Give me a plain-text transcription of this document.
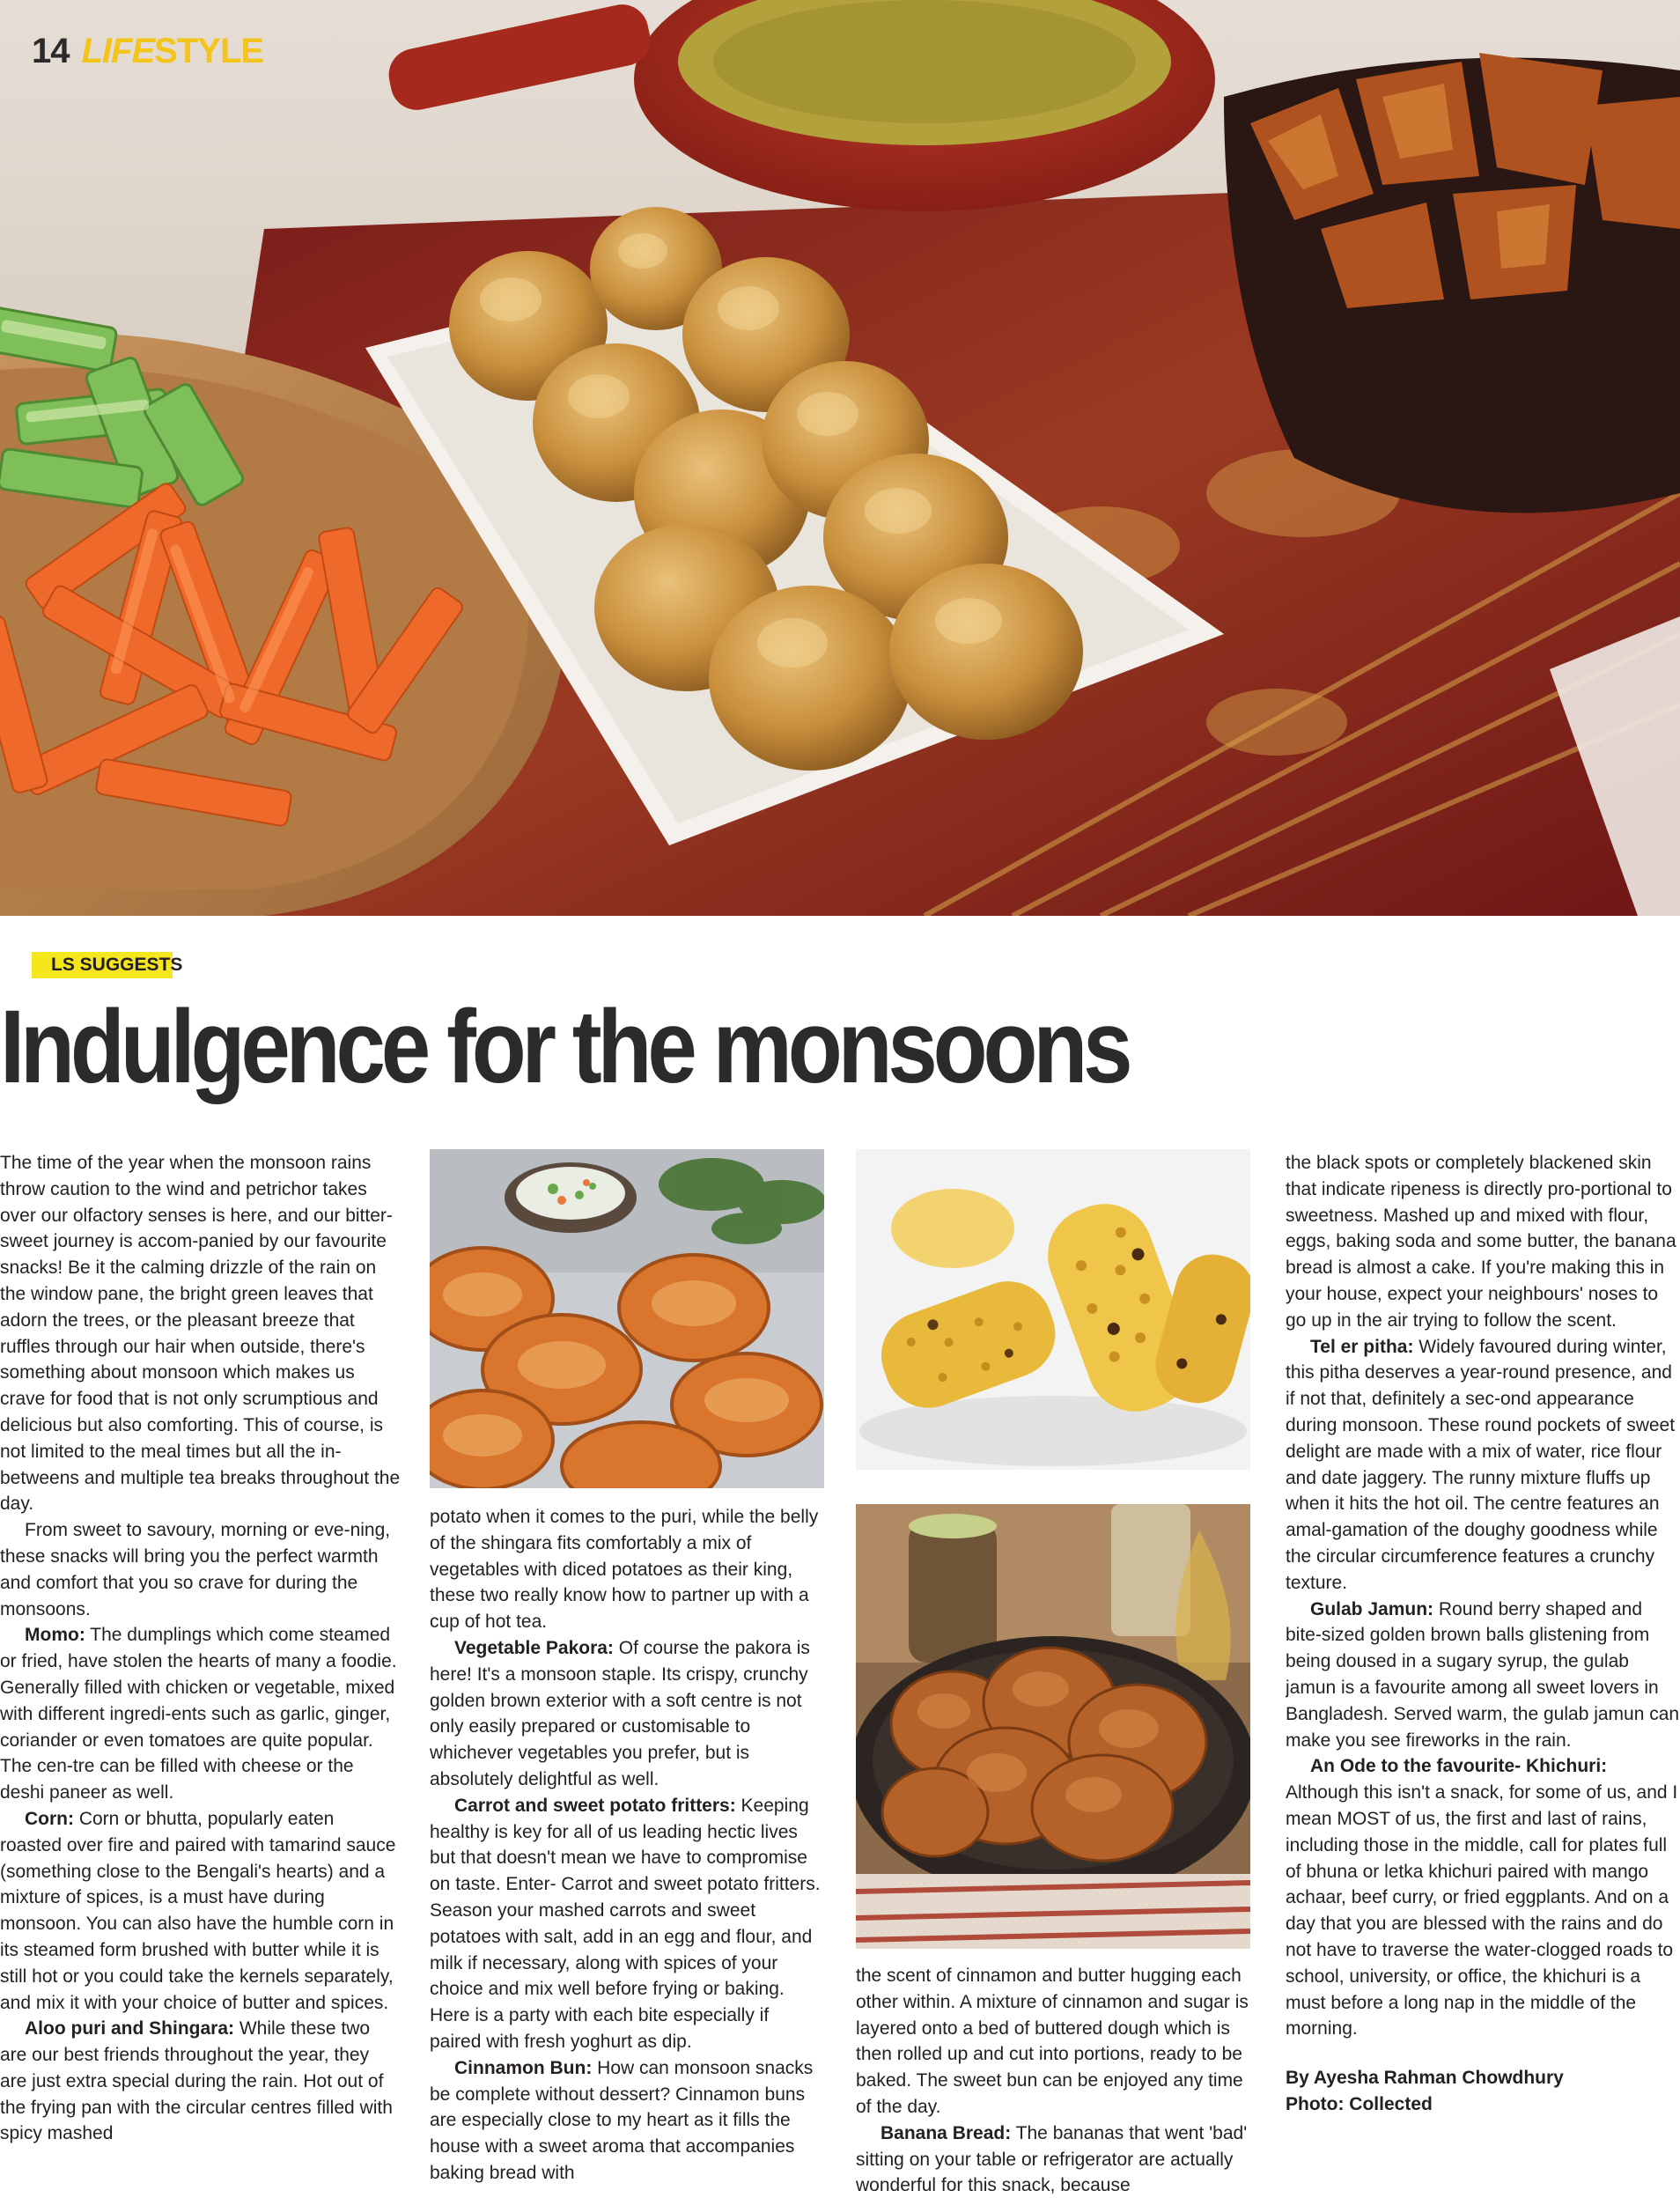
14 LIFESTYLE
LS SUGGESTS
Indulgence for the monsoons

The time of the year when the monsoon rains throw caution to the wind and petrichor takes over our olfactory senses is here, and our bitter-sweet journey is accom-panied by our favourite snacks! Be it the calming drizzle of the rain on the window pane, the bright green leaves that adorn the trees, or the pleasant breeze that ruffles through our hair when outside, there's something about monsoon which makes us crave for food that is not only scrumptious and delicious but also comforting. This of course, is not limited to the meal times but all the in-betweens and multiple tea breaks throughout the day.

From sweet to savoury, morning or eve-ning, these snacks will bring you the perfect warmth and comfort that you so crave for during the monsoons.

Momo: The dumplings which come steamed or fried, have stolen the hearts of many a foodie. Generally filled with chicken or vegetable, mixed with different ingredi-ents such as garlic, ginger, coriander or even tomatoes are quite popular. The cen-tre can be filled with cheese or the deshi paneer as well.

Corn: Corn or bhutta, popularly eaten roasted over fire and paired with tamarind sauce (something close to the Bengali's hearts) and a mixture of spices, is a must have during monsoon. You can also have the humble corn in its steamed form brushed with butter while it is still hot or you could take the kernels separately, and mix it with your choice of butter and spices.

Aloo puri and Shingara: While these two are our best friends throughout the year, they are just extra special during the rain. Hot out of the frying pan with the circular centres filled with spicy mashed

potato when it comes to the puri, while the belly of the shingara fits comfortably a mix of vegetables with diced potatoes as their king, these two really know how to partner up with a cup of hot tea.

Vegetable Pakora: Of course the pakora is here! It's a monsoon staple. Its crispy, crunchy golden brown exterior with a soft centre is not only easily prepared or customisable to whichever vegetables you prefer, but is absolutely delightful as well.

Carrot and sweet potato fritters: Keeping healthy is key for all of us leading hectic lives but that doesn't mean we have to compromise on taste. Enter- Carrot and sweet potato fritters. Season your mashed carrots and sweet potatoes with salt, add in an egg and flour, and milk if necessary, along with spices of your choice and mix well before frying or baking. Here is a party with each bite especially if paired with fresh yoghurt as dip.

Cinnamon Bun: How can monsoon snacks be complete without dessert? Cinnamon buns are especially close to my heart as it fills the house with a sweet aroma that accompanies baking bread with

the scent of cinnamon and butter hugging each other within. A mixture of cinnamon and sugar is layered onto a bed of buttered dough which is then rolled up and cut into portions, ready to be baked. The sweet bun can be enjoyed any time of the day.

Banana Bread: The bananas that went 'bad' sitting on your table or refrigerator are actually wonderful for this snack, because

the black spots or completely blackened skin that indicate ripeness is directly pro-portional to sweetness. Mashed up and mixed with flour, eggs, baking soda and some butter, the banana bread is almost a cake. If you're making this in your house, expect your neighbours' noses to go up in the air trying to follow the scent.

Tel er pitha: Widely favoured during winter, this pitha deserves a year-round presence, and if not that, definitely a sec-ond appearance during monsoon. These round pockets of sweet delight are made with a mix of water, rice flour and date jaggery. The runny mixture fluffs up when it hits the hot oil. The centre features an amal-gamation of the doughy goodness while the circular circumference features a crunchy texture.

Gulab Jamun: Round berry shaped and bite-sized golden brown balls glistening from being doused in a sugary syrup, the gulab jamun is a favourite among all sweet lovers in Bangladesh. Served warm, the gulab jamun can make you see fireworks in the rain.

An Ode to the favourite- Khichuri: Although this isn't a snack, for some of us, and I mean MOST of us, the first and last of rains, including those in the middle, call for plates full of bhuna or letka khichuri paired with mango achaar, beef curry, or fried eggplants. And on a day that you are blessed with the rains and do not have to traverse the water-clogged roads to school, university, or office, the khichuri is a must before a long nap in the middle of the morning.

By Ayesha Rahman Chowdhury
Photo: Collected
